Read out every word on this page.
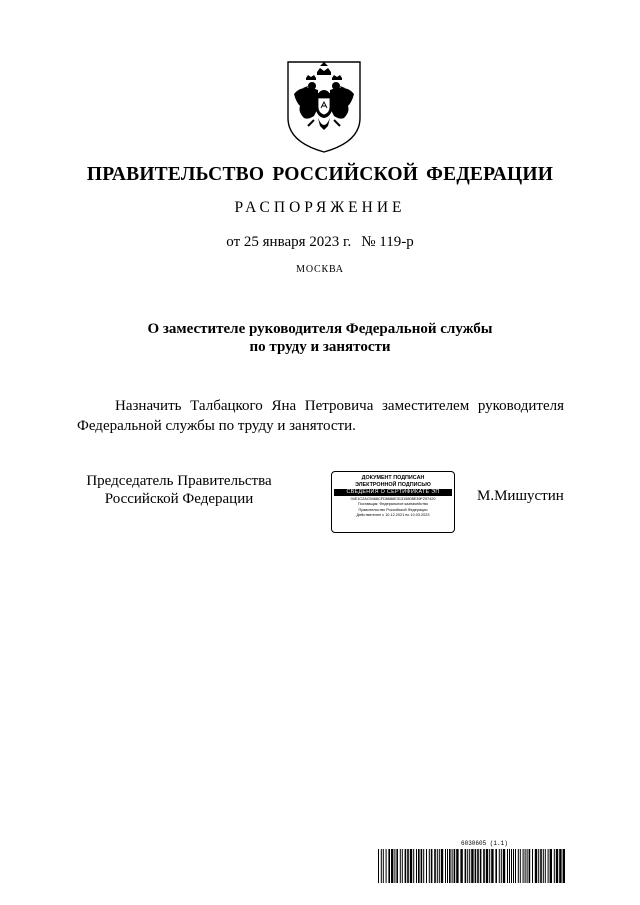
ПРАВИТЕЛЬСТВО РОССИЙСКОЙ ФЕДЕРАЦИИ
РАСПОРЯЖЕНИЕ
от 25 января 2023 г. № 119-р
МОСКВА
О заместителе руководителя Федеральной службы
по труду и занятости
Назначить Талбацкого Яна Петровича заместителем руководителя Федеральной службы по труду и занятости.
Председатель Правительства
Российской Федерации
ДОКУМЕНТ ПОДПИСАН
ЭЛЕКТРОННОЙ ПОДПИСЬЮ
СВЕДЕНИЯ О СЕРТИФИКАТЕ ЭП
04E1C2AC9468CFD8686E31315808E39F297420
Поставщик: Федеральное казначейство
Правительство Российской Федерации
Действителен с 10.12.2021 по 10.03.2023
М.Мишустин
6030605 (1.1)
